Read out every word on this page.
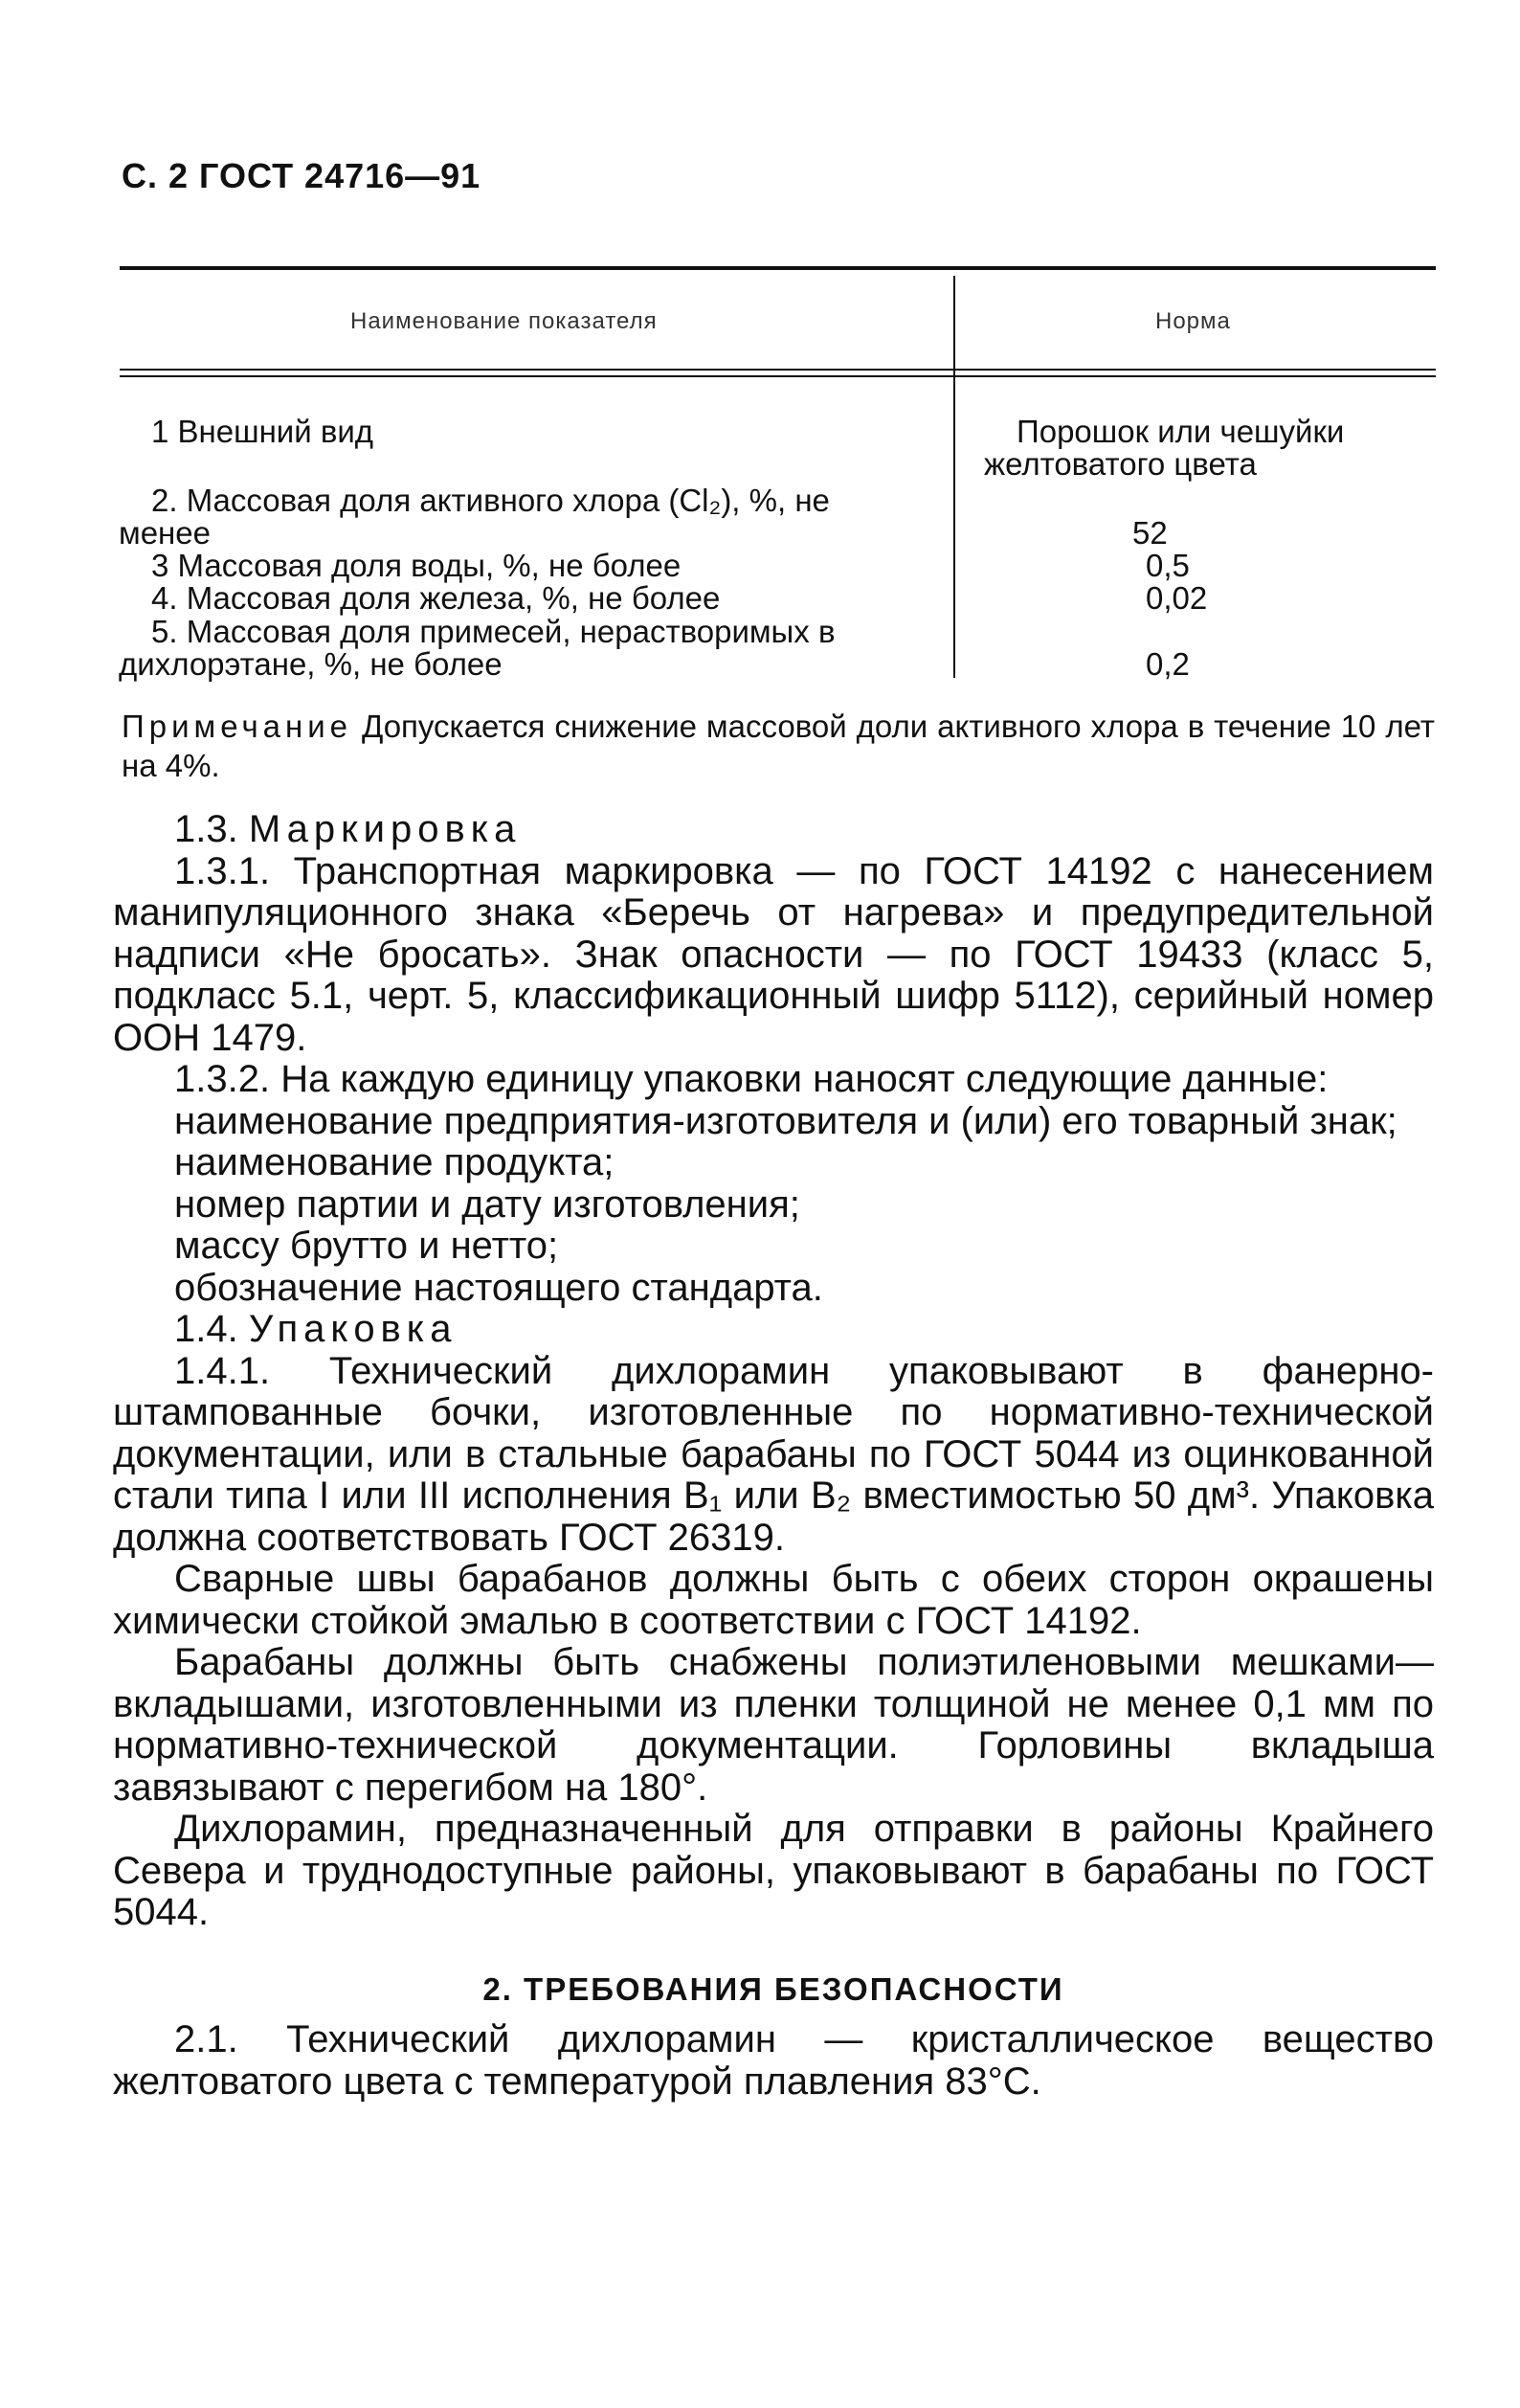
С. 2 ГОСТ 24716—91
Наименование показателя	Норма
1 Внешний вид	Порошок или чешуйки
желтоватого цвета
2. Массовая доля активного хлора (Cl₂), %, не
менее	52
3 Массовая доля воды, %, не более	0,5
4. Массовая доля железа, %, не более	0,02
5. Массовая доля примесей, нерастворимых в
дихлорэтане, %, не более	0,2
Примечание Допускается снижение массовой доли активного хлора в течение 10 лет на 4%.

1.3. Маркировка

1.3.1. Транспортная маркировка — по ГОСТ 14192 с нанесением манипуляционного знака «Беречь от нагрева» и предупредительной надписи «Не бросать». Знак опасности — по ГОСТ 19433 (класс 5, подкласс 5.1, черт. 5, классификационный шифр 5112), серийный номер ООН 1479.

1.3.2. На каждую единицу упаковки наносят следующие данные:

наименование предприятия-изготовителя и (или) его товарный знак;

наименование продукта;

номер партии и дату изготовления;

массу брутто и нетто;

обозначение настоящего стандарта.

1.4. Упаковка

1.4.1. Технический дихлорамин упаковывают в фанерно-штампованные бочки, изготовленные по нормативно-технической документации, или в стальные барабаны по ГОСТ 5044 из оцинкованной стали типа I или III исполнения В₁ или В₂ вместимостью 50 дм³. Упаковка должна соответствовать ГОСТ 26319.

Сварные швы барабанов должны быть с обеих сторон окрашены химически стойкой эмалью в соответствии с ГОСТ 14192.

Барабаны должны быть снабжены полиэтиленовыми мешками—вкладышами, изготовленными из пленки толщиной не менее 0,1 мм по нормативно-технической документации. Горловины вкладыша завязывают с перегибом на 180°.

Дихлорамин, предназначенный для отправки в районы Крайнего Севера и труднодоступные районы, упаковывают в барабаны по ГОСТ 5044.

2. ТРЕБОВАНИЯ БЕЗОПАСНОСТИ

2.1. Технический дихлорамин — кристаллическое вещество желтоватого цвета с температурой плавления 83°C.
